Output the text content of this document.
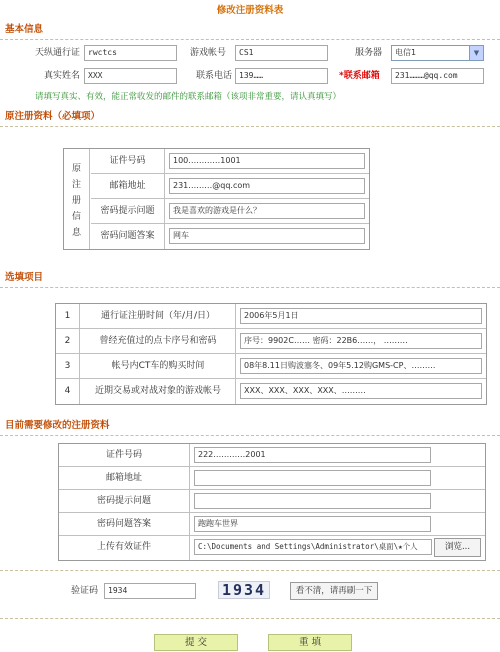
修改注册资料表
基本信息
天纵通行证	rwctcs	游戏帐号	CS1	服务器	电信1	▼
真实姓名	XXX	联系电话 139……	*联系邮箱	231………@qq.com
请填写真实、有效，能正常收发的邮件的联系邮箱（该项非常重要，请认真填写）
原注册资料（必填项）
原
注
册
信
息
证件号码	100…………1001
邮箱地址	231………@qq.com
密码提示问题	我是喜欢的游戏是什么？
密码问题答案	网车
选填项目
1	通行证注册时间（年/月/日）	2006年5月1日
2	曾经充值过的点卡序号和密码	序号：9902C…… 密码：22B6……， ………
3	帐号内CT车的购买时间	08年8.11日购波塞冬、09年5.12购GMS-CP、………
4	近期交易或对战对象的游戏帐号	XXX、XXX、XXX、XXX、………
目前需要修改的注册资料
证件号码	222…………2001
邮箱地址
密码提示问题
密码问题答案	跑跑车世界
上传有效证件	C:\Documents and Settings\Administrator\桌面\★个人	浏览...
验证码	1934	1934	看不清，请再刷一下
提 交	重 填
